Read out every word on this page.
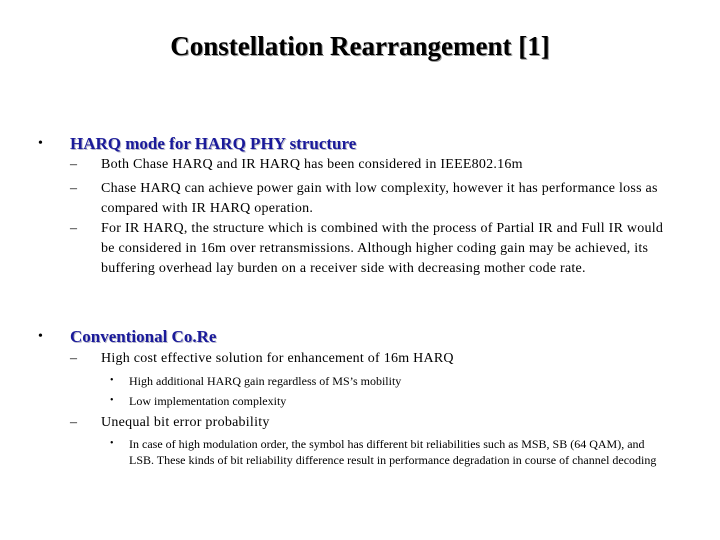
Constellation Rearrangement [1]
• HARQ mode for HARQ PHY structure
– Both Chase HARQ and IR HARQ has been considered in IEEE802.16m
– Chase HARQ can achieve power gain with low complexity, however it has performance loss as compared with IR HARQ operation.
– For IR HARQ, the structure which is combined with the process of Partial IR and Full IR would be considered in 16m over retransmissions. Although higher coding gain may be achieved, its buffering overhead lay burden on a receiver side with decreasing mother code rate.
• Conventional Co.Re
– High cost effective solution for enhancement of 16m HARQ
• High additional HARQ gain regardless of MS’s mobility
• Low implementation complexity
– Unequal bit error probability
• In case of high modulation order, the symbol has different bit reliabilities such as MSB, SB (64 QAM), and LSB. These kinds of bit reliability difference result in performance degradation in course of channel decoding
